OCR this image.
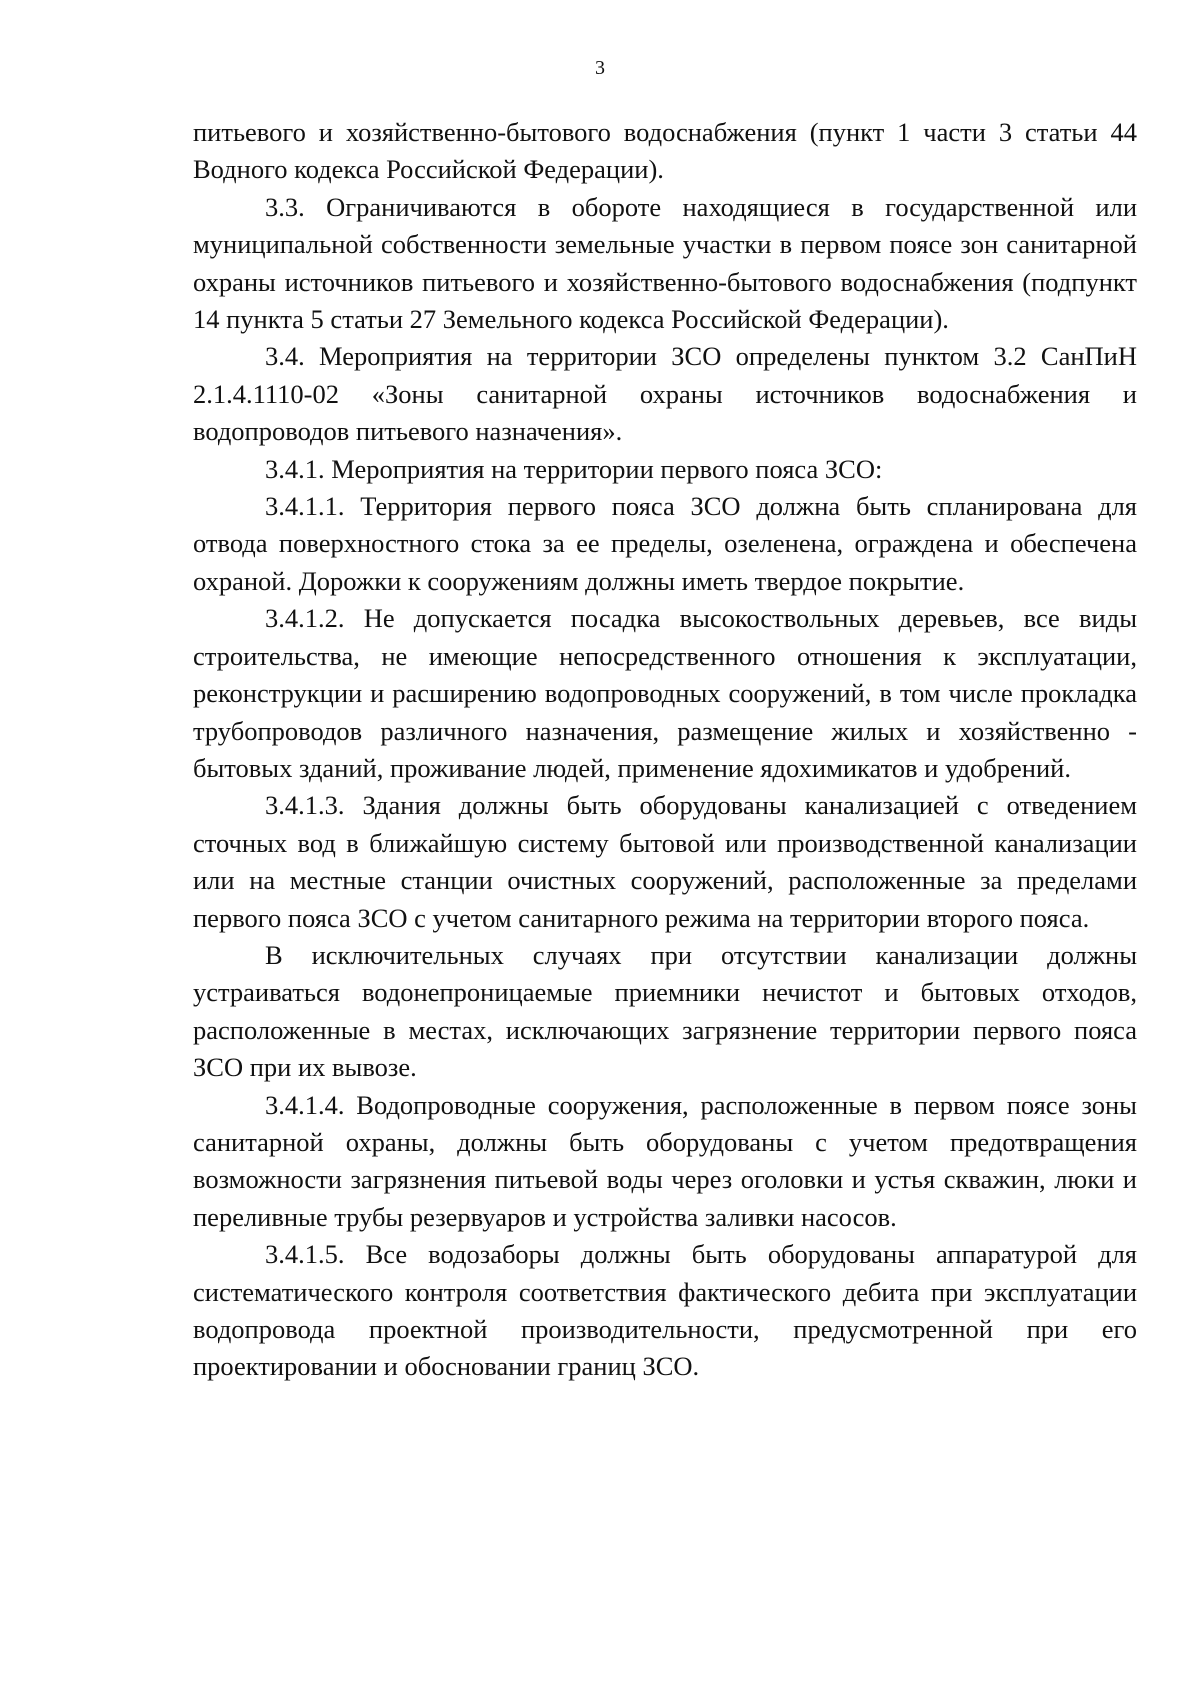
3

питьевого и хозяйственно-бытового водоснабжения (пункт 1 части 3 статьи 44 Водного кодекса Российской Федерации).

3.3. Ограничиваются в обороте находящиеся в государственной или муниципальной собственности земельные участки в первом поясе зон санитарной охраны источников питьевого и хозяйственно-бытового водоснабжения (подпункт 14 пункта 5 статьи 27 Земельного кодекса Российской Федерации).

3.4. Мероприятия на территории ЗСО определены пунктом 3.2 СанПиН 2.1.4.1110-02 «Зоны санитарной охраны источников водоснабжения и водопроводов питьевого назначения».

3.4.1. Мероприятия на территории первого пояса ЗСО:

3.4.1.1. Территория первого пояса ЗСО должна быть спланирована для отвода поверхностного стока за ее пределы, озеленена, ограждена и обеспечена охраной. Дорожки к сооружениям должны иметь твердое покрытие.

3.4.1.2. Не допускается посадка высокоствольных деревьев, все виды строительства, не имеющие непосредственного отношения к эксплуатации, реконструкции и расширению водопроводных сооружений, в том числе прокладка трубопроводов различного назначения, размещение жилых и хозяйственно - бытовых зданий, проживание людей, применение ядохимикатов и удобрений.

3.4.1.3. Здания должны быть оборудованы канализацией с отведением сточных вод в ближайшую систему бытовой или производственной канализации или на местные станции очистных сооружений, расположенные за пределами первого пояса ЗСО с учетом санитарного режима на территории второго пояса.

В исключительных случаях при отсутствии канализации должны устраиваться водонепроницаемые приемники нечистот и бытовых отходов, расположенные в местах, исключающих загрязнение территории первого пояса ЗСО при их вывозе.

3.4.1.4. Водопроводные сооружения, расположенные в первом поясе зоны санитарной охраны, должны быть оборудованы с учетом предотвращения возможности загрязнения питьевой воды через оголовки и устья скважин, люки и переливные трубы резервуаров и устройства заливки насосов.

3.4.1.5. Все водозаборы должны быть оборудованы аппаратурой для систематического контроля соответствия фактического дебита при эксплуатации водопровода проектной производительности, предусмотренной при его проектировании и обосновании границ ЗСО.
